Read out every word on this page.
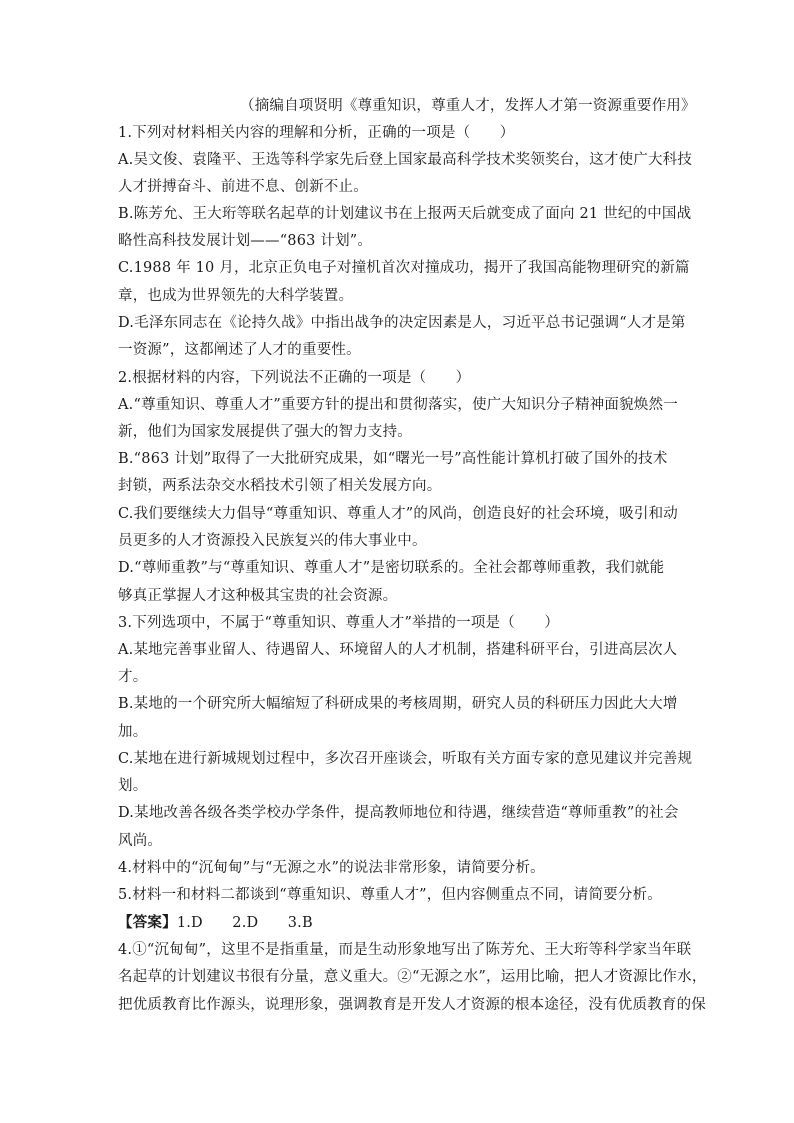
（摘编自项贤明《尊重知识，尊重人才，发挥人才第一资源重要作用》
1.下列对材料相关内容的理解和分析，正确的一项是（　　）
A.吴文俊、袁隆平、王选等科学家先后登上国家最高科学技术奖领奖台，这才使广大科技
人才拼搏奋斗、前进不息、创新不止。
B.陈芳允、王大珩等联名起草的计划建议书在上报两天后就变成了面向 21 世纪的中国战
略性高科技发展计划——“863 计划”。
C.1988 年 10 月，北京正负电子对撞机首次对撞成功，揭开了我国高能物理研究的新篇
章，也成为世界领先的大科学装置。
D.毛泽东同志在《论持久战》中指出战争的决定因素是人，习近平总书记强调“人才是第
一资源”，这都阐述了人才的重要性。
2.根据材料的内容，下列说法不正确的一项是（　　）
A.“尊重知识、尊重人才”重要方针的提出和贯彻落实，使广大知识分子精神面貌焕然一
新，他们为国家发展提供了强大的智力支持。
B.“863 计划”取得了一大批研究成果，如“曙光一号”高性能计算机打破了国外的技术
封锁，两系法杂交水稻技术引领了相关发展方向。
C.我们要继续大力倡导“尊重知识、尊重人才”的风尚，创造良好的社会环境，吸引和动
员更多的人才资源投入民族复兴的伟大事业中。
D.“尊师重教”与“尊重知识、尊重人才”是密切联系的。全社会都尊师重教，我们就能
够真正掌握人才这种极其宝贵的社会资源。
3.下列选项中，不属于“尊重知识、尊重人才”举措的一项是（　　）
A.某地完善事业留人、待遇留人、环境留人的人才机制，搭建科研平台，引进高层次人
才。
B.某地的一个研究所大幅缩短了科研成果的考核周期，研究人员的科研压力因此大大增
加。
C.某地在进行新城规划过程中，多次召开座谈会，听取有关方面专家的意见建议并完善规
划。
D.某地改善各级各类学校办学条件，提高教师地位和待遇，继续营造“尊师重教”的社会
风尚。
4.材料中的“沉甸甸”与“无源之水”的说法非常形象，请简要分析。
5.材料一和材料二都谈到“尊重知识、尊重人才”，但内容侧重点不同，请简要分析。
【答案】1.D　　2.D　　3.B
4.①“沉甸甸”，这里不是指重量，而是生动形象地写出了陈芳允、王大珩等科学家当年联
名起草的计划建议书很有分量，意义重大。②“无源之水”，运用比喻，把人才资源比作水，
把优质教育比作源头，说理形象，强调教育是开发人才资源的根本途径，没有优质教育的保
